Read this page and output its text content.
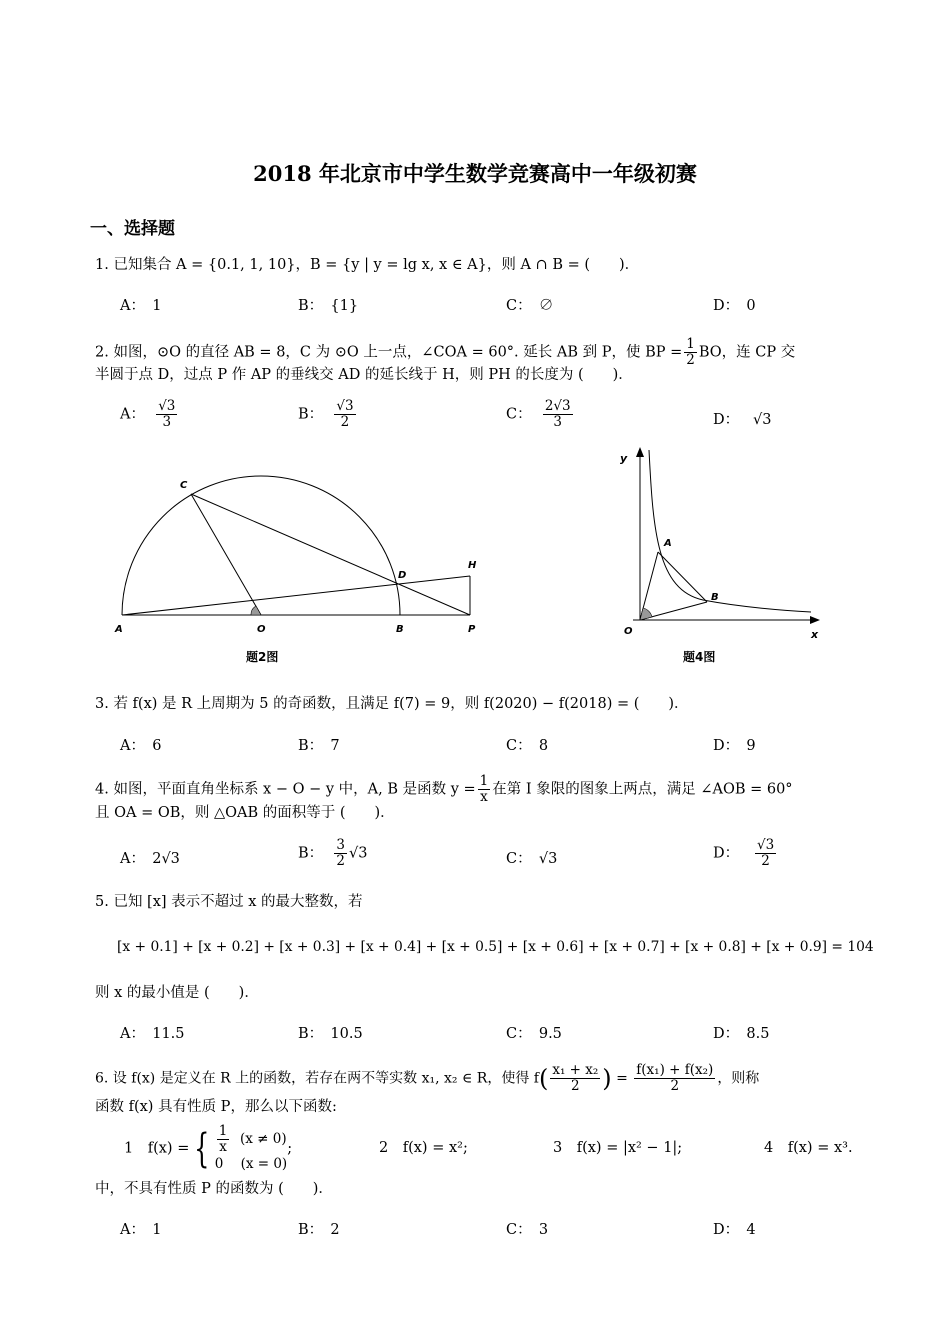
2018 年北京市中学生数学竞赛高中一年级初赛
一、选择题
1. 已知集合 A = {0.1, 1, 10}，B = {y | y = lg x, x ∈ A}，则 A ∩ B = (　　)．
A：　1	B：　{1}	C：　∅	D：　0
2. 如图，⊙O 的直径 AB = 8，C 为 ⊙O 上一点，∠COA = 60°. 延长 AB 到 P，使 BP = $\frac{1}{2}$ BO，连 CP 交
半圆于点 D，过点 P 作 AP 的垂线交 AD 的延长线于 H，则 PH 的长度为 (　　)．
A： $\frac{√3}{3}$	B： $\frac{√3}{2}$	C： $\frac{2√3}{3}$	D： √3
A	O	B	P
C
D
H
题2图
y
x
O
A
B
题4图
3. 若 f(x) 是 R 上周期为 5 的奇函数，且满足 f(7) = 9，则 f(2020) − f(2018) = (　　)．
A：　6	B：　7	C：　8	D：　9
4. 如图，平面直角坐标系 x − O − y 中，A, B 是函数 $y = \frac{1}{x}$ 在第 I 象限的图象上两点，满足 ∠AOB = 60°
且 OA = OB，则 △OAB 的面积等于 (　　)．
A：　2√3	B： $\frac{3}{2} √3$	C：　√3	D： $\frac{√3}{2}$
5. 已知 [x] 表示不超过 x 的最大整数，若
[x + 0.1] + [x + 0.2] + [x + 0.3] + [x + 0.4] + [x + 0.5] + [x + 0.6] + [x + 0.7] + [x + 0.8] + [x + 0.9] = 104
则 x 的最小值是 (　　)．
A：　11.5	B：　10.5	C：　9.5	D：　8.5
6. 设 f(x) 是定义在 R 上的函数，若存在两不等实数 x₁, x₂ ∈ R，使得 $f( \frac{\text{x₁ + x₂}}{2}$ ) = $\frac{\text{f(x₁) + f(x₂)}}{2}$ ，则称
函数 f(x) 具有性质 P，那么以下函数:
1　f(x) = { $\frac{1}{x} (x \ne 0)$
0 (x = 0)
;	2　f(x) = x²;	3　f(x) = |x² − 1|;	4　f(x) = x³.
中，不具有性质 P 的函数为 (　　)．
A：　1	B：　2	C：　3	D：　4
